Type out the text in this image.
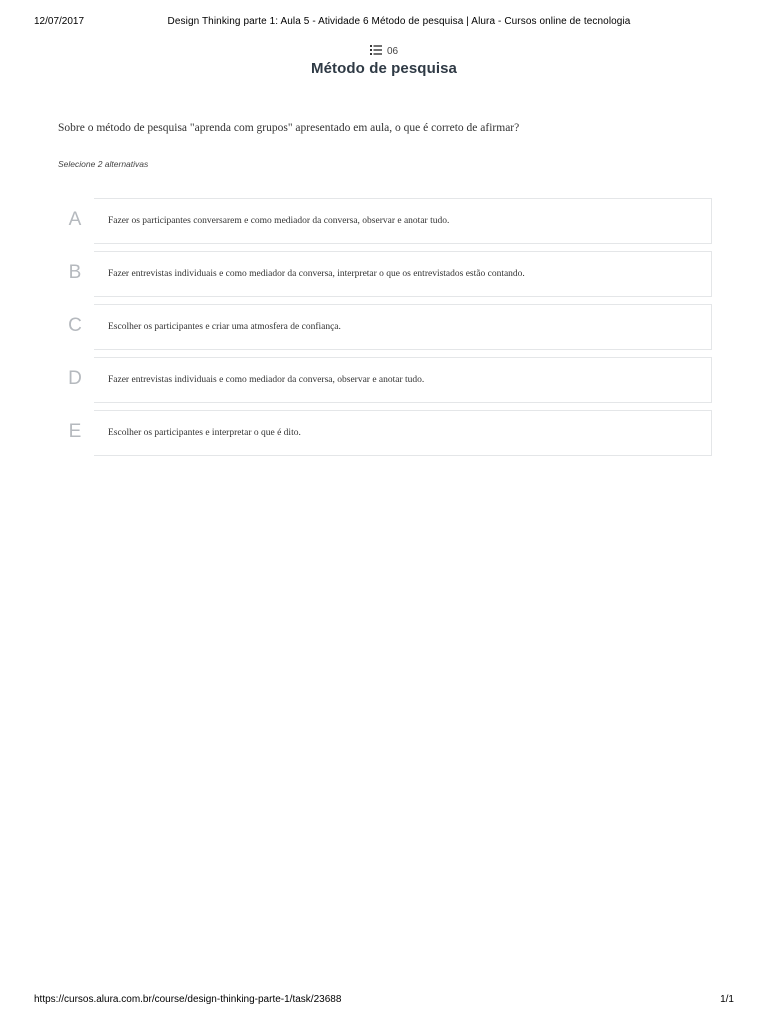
12/07/2017	Design Thinking parte 1: Aula 5 - Atividade 6 Método de pesquisa | Alura - Cursos online de tecnologia
06
Método de pesquisa
Sobre o método de pesquisa "aprenda com grupos" apresentado em aula, o que é correto de afirmar?
Selecione 2 alternativas
A	Fazer os participantes conversarem e como mediador da conversa, observar e anotar tudo.
B	Fazer entrevistas individuais e como mediador da conversa, interpretar o que os entrevistados estão contando.
C	Escolher os participantes e criar uma atmosfera de confiança.
D	Fazer entrevistas individuais e como mediador da conversa, observar e anotar tudo.
E	Escolher os participantes e interpretar o que é dito.
https://cursos.alura.com.br/course/design-thinking-parte-1/task/23688	1/1
